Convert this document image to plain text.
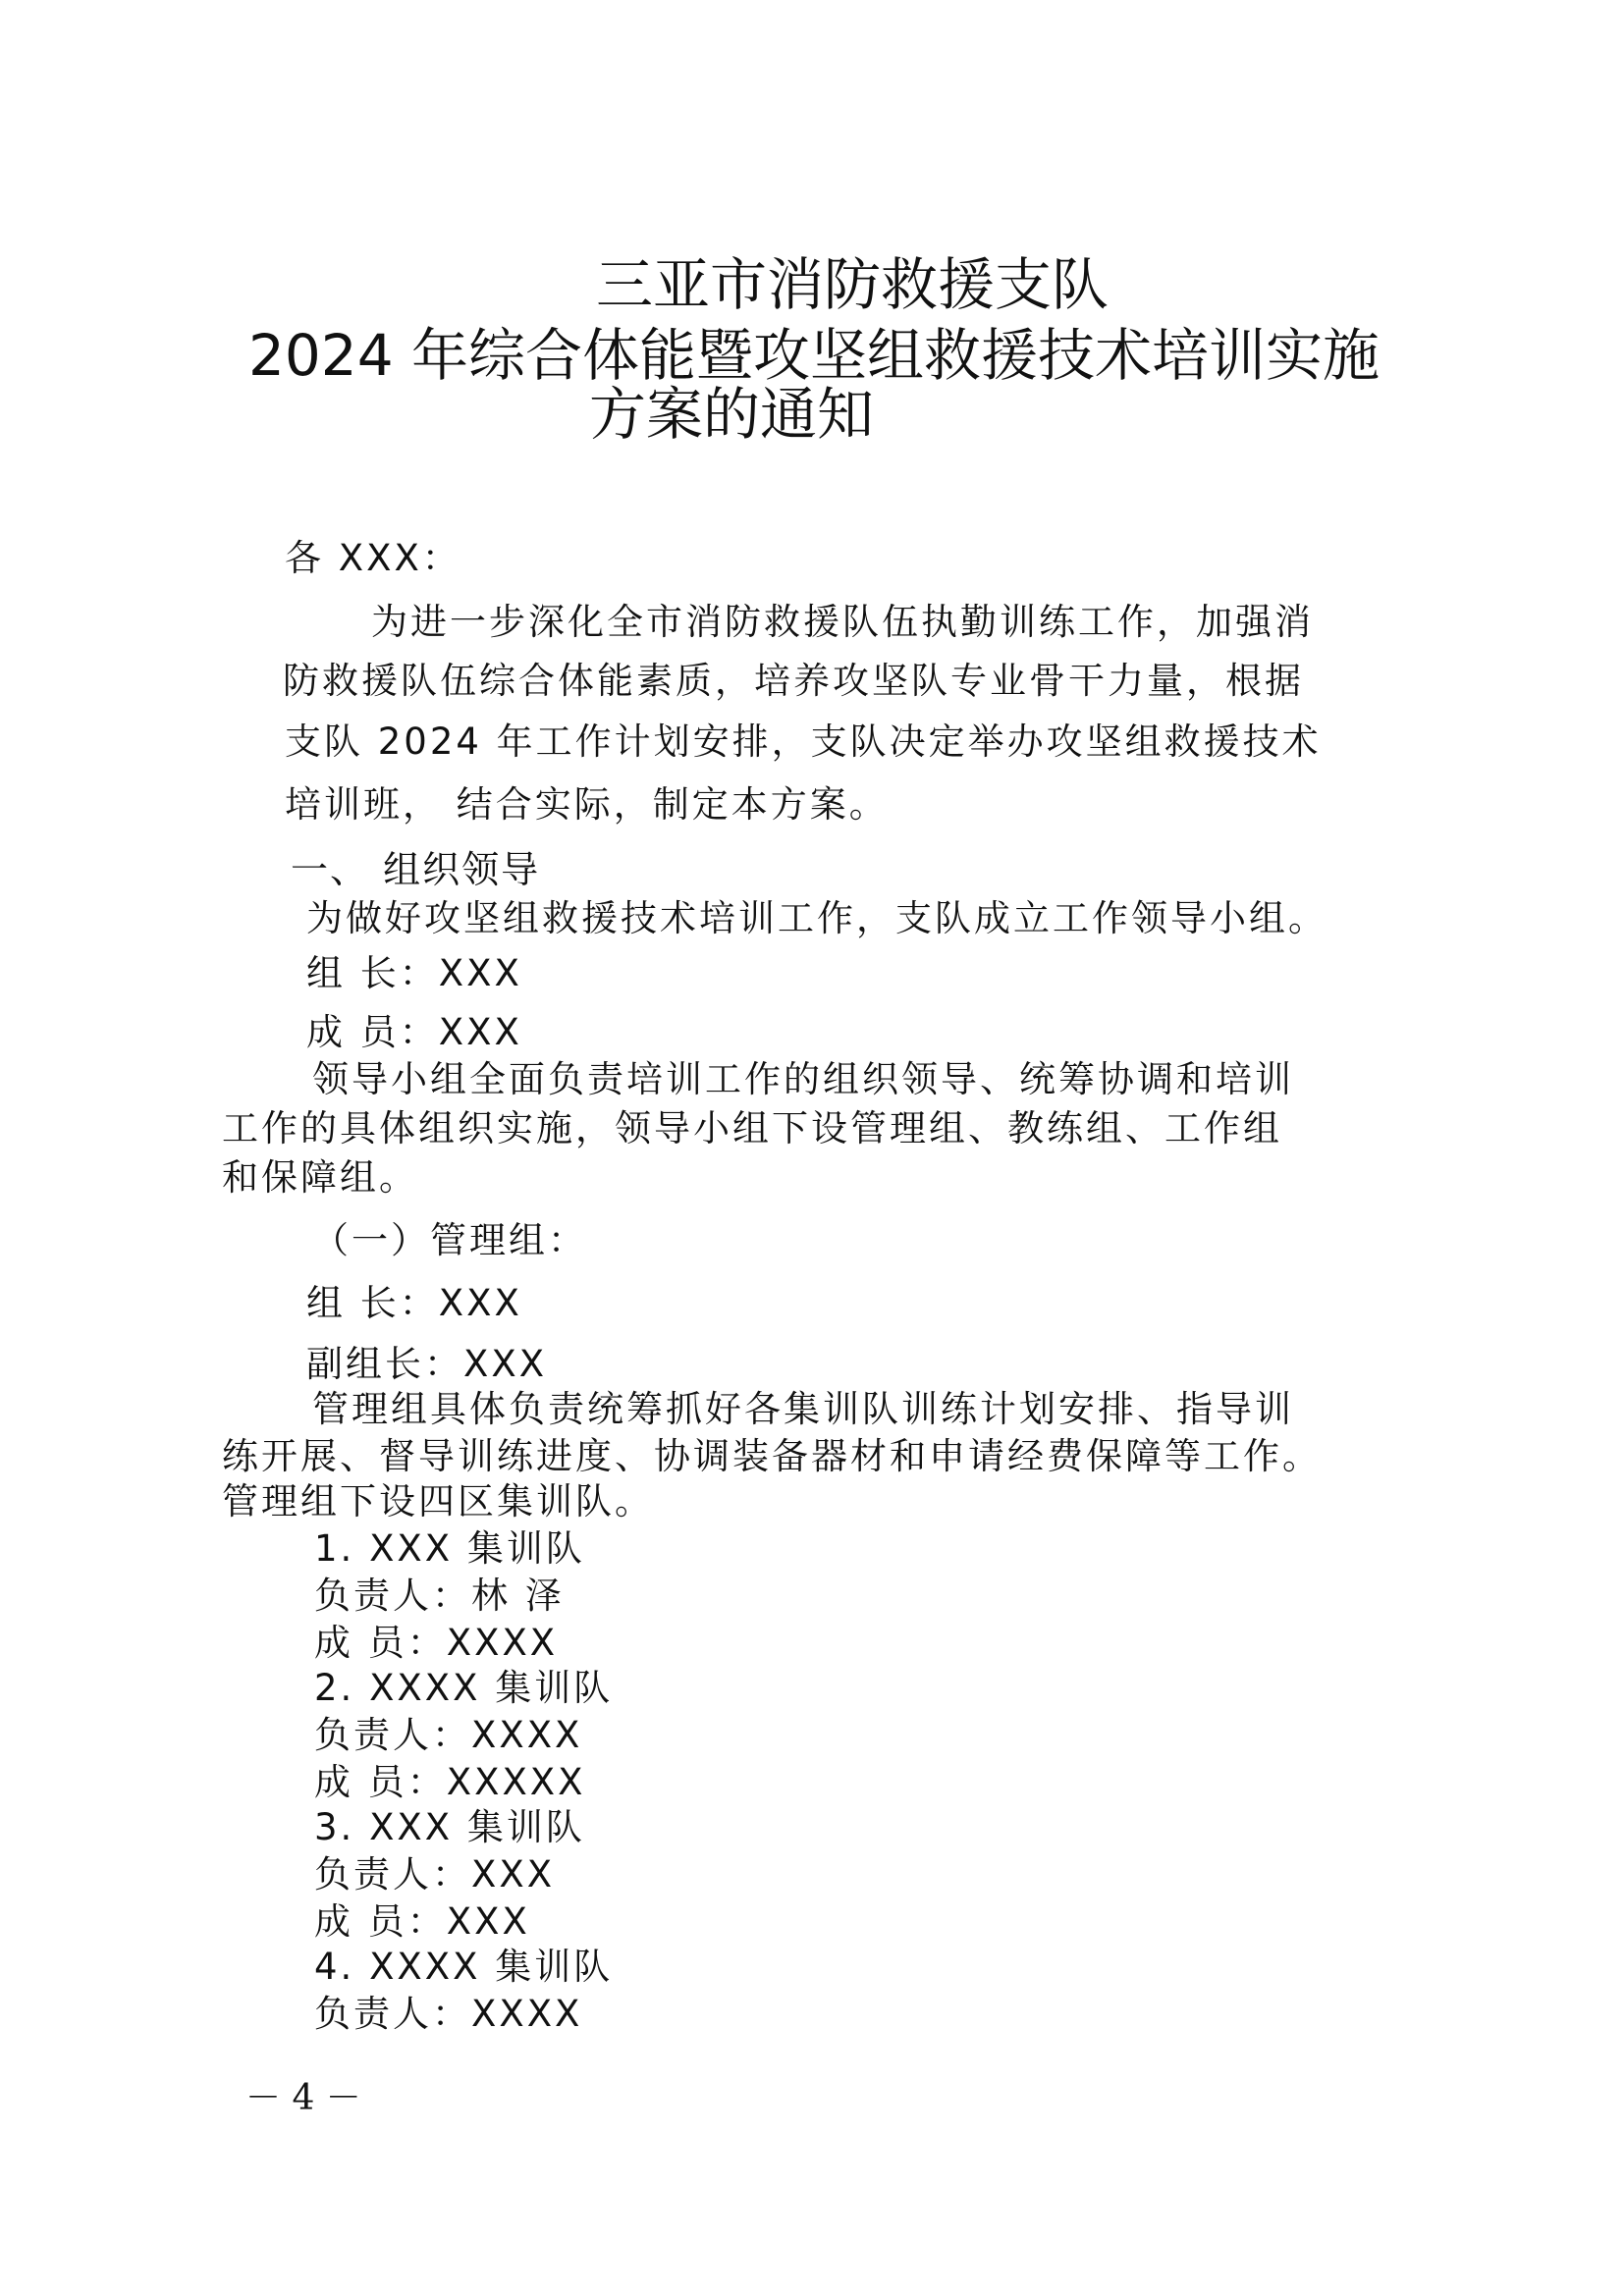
三亚市消防救援支队
2024 年综合体能暨攻坚组救援技术培训实施
方案的通知
各 XXX：
为进一步深化全市消防救援队伍执勤训练工作，加强消
防救援队伍综合体能素质，培养攻坚队专业骨干力量，根据
支队 2024 年工作计划安排，支队决定举办攻坚组救援技术
培训班， 结合实际，制定本方案。
一、 组织领导
为做好攻坚组救援技术培训工作，支队成立工作领导小组。
组 长：XXX
成 员：XXX
领导小组全面负责培训工作的组织领导、统筹协调和培训
工作的具体组织实施，领导小组下设管理组、教练组、工作组
和保障组。
（一）管理组：
组 长：XXX
副组长：XXX
管理组具体负责统筹抓好各集训队训练计划安排、指导训
练开展、督导训练进度、协调装备器材和申请经费保障等工作。
管理组下设四区集训队。
1. XXX 集训队
负责人：林 泽
成 员：XXXX
2. XXXX 集训队
负责人：XXXX
成 员：XXXXX
3. XXX 集训队
负责人：XXX
成 员：XXX
4. XXXX 集训队
负责人：XXXX
－ 4 －
